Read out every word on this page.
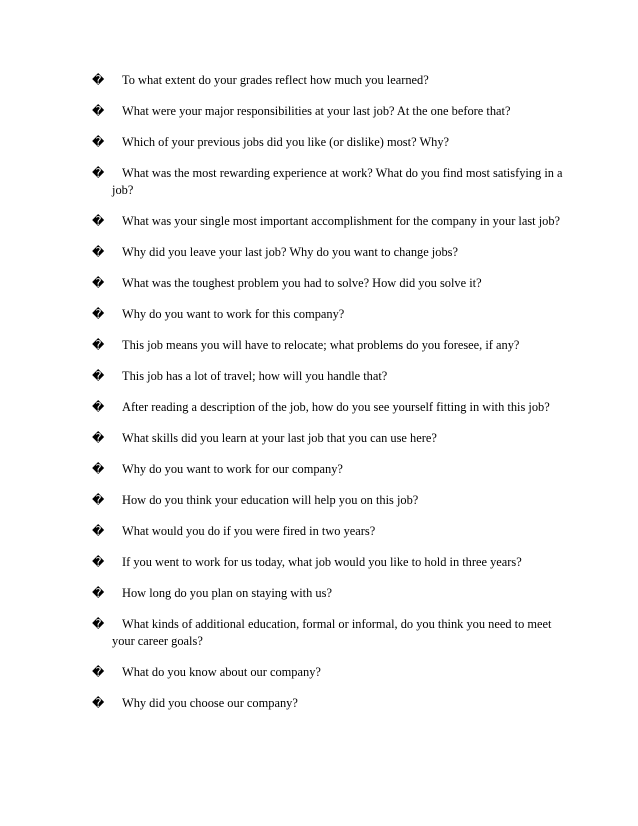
�	To what extent do your grades reflect how much you learned?
�	What were your major responsibilities at your last job? At the one before that?
�	Which of your previous jobs did you like (or dislike) most? Why?
�	What was the most rewarding experience at work? What do you find most satisfying in a job?
�	What was your single most important accomplishment for the company in your last job?
�	Why did you leave your last job? Why do you want to change jobs?
�	What was the toughest problem you had to solve? How did you solve it?
�	Why do you want to work for this company?
�	This job means you will have to relocate; what problems do you foresee, if any?
�	This job has a lot of travel; how will you handle that?
�	After reading a description of the job, how do you see yourself fitting in with this job?
�	What skills did you learn at your last job that you can use here?
�	Why do you want to work for our company?
�	How do you think your education will help you on this job?
�	What would you do if you were fired in two years?
�	If you went to work for us today, what job would you like to hold in three years?
�	How long do you plan on staying with us?
�	What kinds of additional education, formal or informal, do you think you need to meet your career goals?
�	What do you know about our company?
�	Why did you choose our company?
